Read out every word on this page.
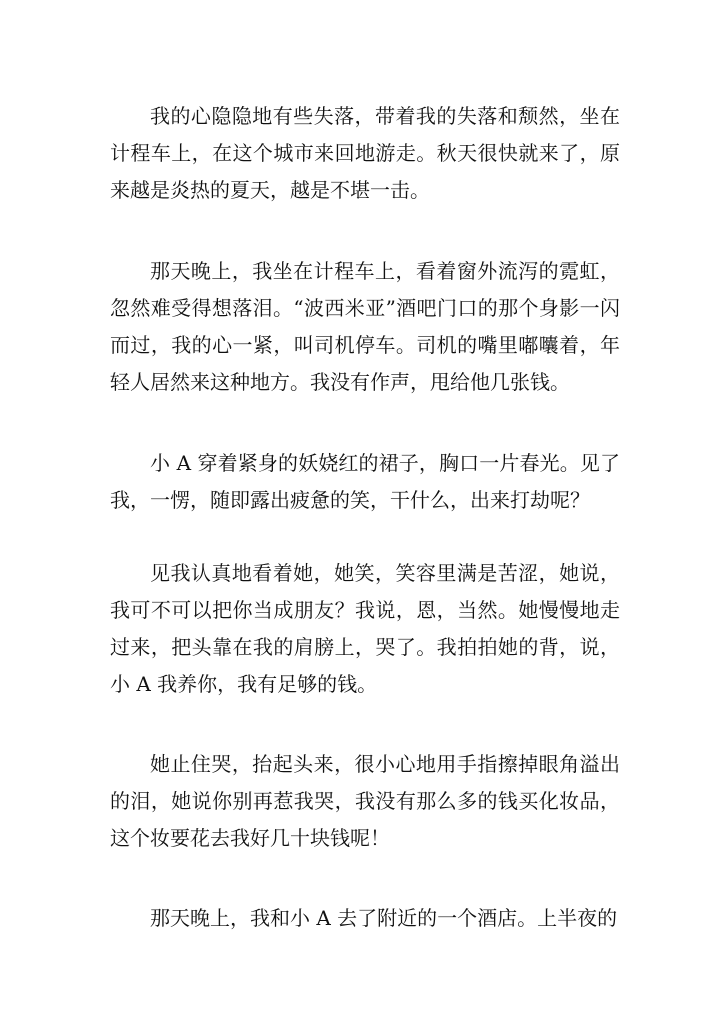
我的心隐隐地有些失落，带着我的失落和颓然，坐在计程车上，在这个城市来回地游走。秋天很快就来了，原来越是炎热的夏天，越是不堪一击。

那天晚上，我坐在计程车上，看着窗外流泻的霓虹，忽然难受得想落泪。“波西米亚”酒吧门口的那个身影一闪而过，我的心一紧，叫司机停车。司机的嘴里嘟囔着，年轻人居然来这种地方。我没有作声，甩给他几张钱。

小 A 穿着紧身的妖娆红的裙子，胸口一片春光。见了我，一愣，随即露出疲惫的笑，干什么，出来打劫呢？

见我认真地看着她，她笑，笑容里满是苦涩，她说，我可不可以把你当成朋友？我说，恩，当然。她慢慢地走过来，把头靠在我的肩膀上，哭了。我拍拍她的背，说，小 A 我养你，我有足够的钱。

她止住哭，抬起头来，很小心地用手指擦掉眼角溢出的泪，她说你别再惹我哭，我没有那么多的钱买化妆品，这个妆要花去我好几十块钱呢！

那天晚上，我和小 A 去了附近的一个酒店。上半夜的
